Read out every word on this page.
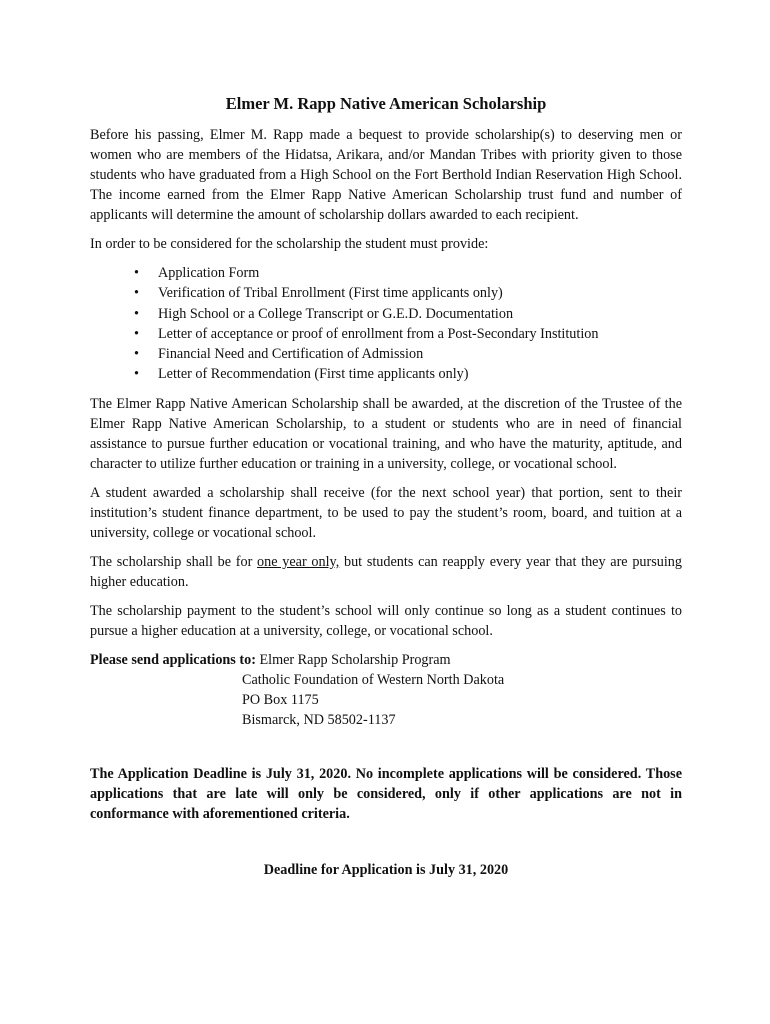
Elmer M. Rapp Native American Scholarship

Before his passing, Elmer M. Rapp made a bequest to provide scholarship(s) to deserving men or women who are members of the Hidatsa, Arikara, and/or Mandan Tribes with priority given to those students who have graduated from a High School on the Fort Berthold Indian Reservation High School. The income earned from the Elmer Rapp Native American Scholarship trust fund and number of applicants will determine the amount of scholarship dollars awarded to each recipient.

In order to be considered for the scholarship the student must provide:

• Application Form
• Verification of Tribal Enrollment (First time applicants only)
• High School or a College Transcript or G.E.D. Documentation
• Letter of acceptance or proof of enrollment from a Post-Secondary Institution
• Financial Need and Certification of Admission
• Letter of Recommendation (First time applicants only)

The Elmer Rapp Native American Scholarship shall be awarded, at the discretion of the Trustee of the Elmer Rapp Native American Scholarship, to a student or students who are in need of financial assistance to pursue further education or vocational training, and who have the maturity, aptitude, and character to utilize further education or training in a university, college, or vocational school.

A student awarded a scholarship shall receive (for the next school year) that portion, sent to their institution’s student finance department, to be used to pay the student’s room, board, and tuition at a university, college or vocational school.

The scholarship shall be for one year only, but students can reapply every year that they are pursuing higher education.

The scholarship payment to the student’s school will only continue so long as a student continues to pursue a higher education at a university, college, or vocational school.

Please send applications to: Elmer Rapp Scholarship Program
Catholic Foundation of Western North Dakota
PO Box 1175
Bismarck, ND 58502-1137

The Application Deadline is July 31, 2020. No incomplete applications will be considered. Those applications that are late will only be considered, only if other applications are not in conformance with aforementioned criteria.

Deadline for Application is July 31, 2020
